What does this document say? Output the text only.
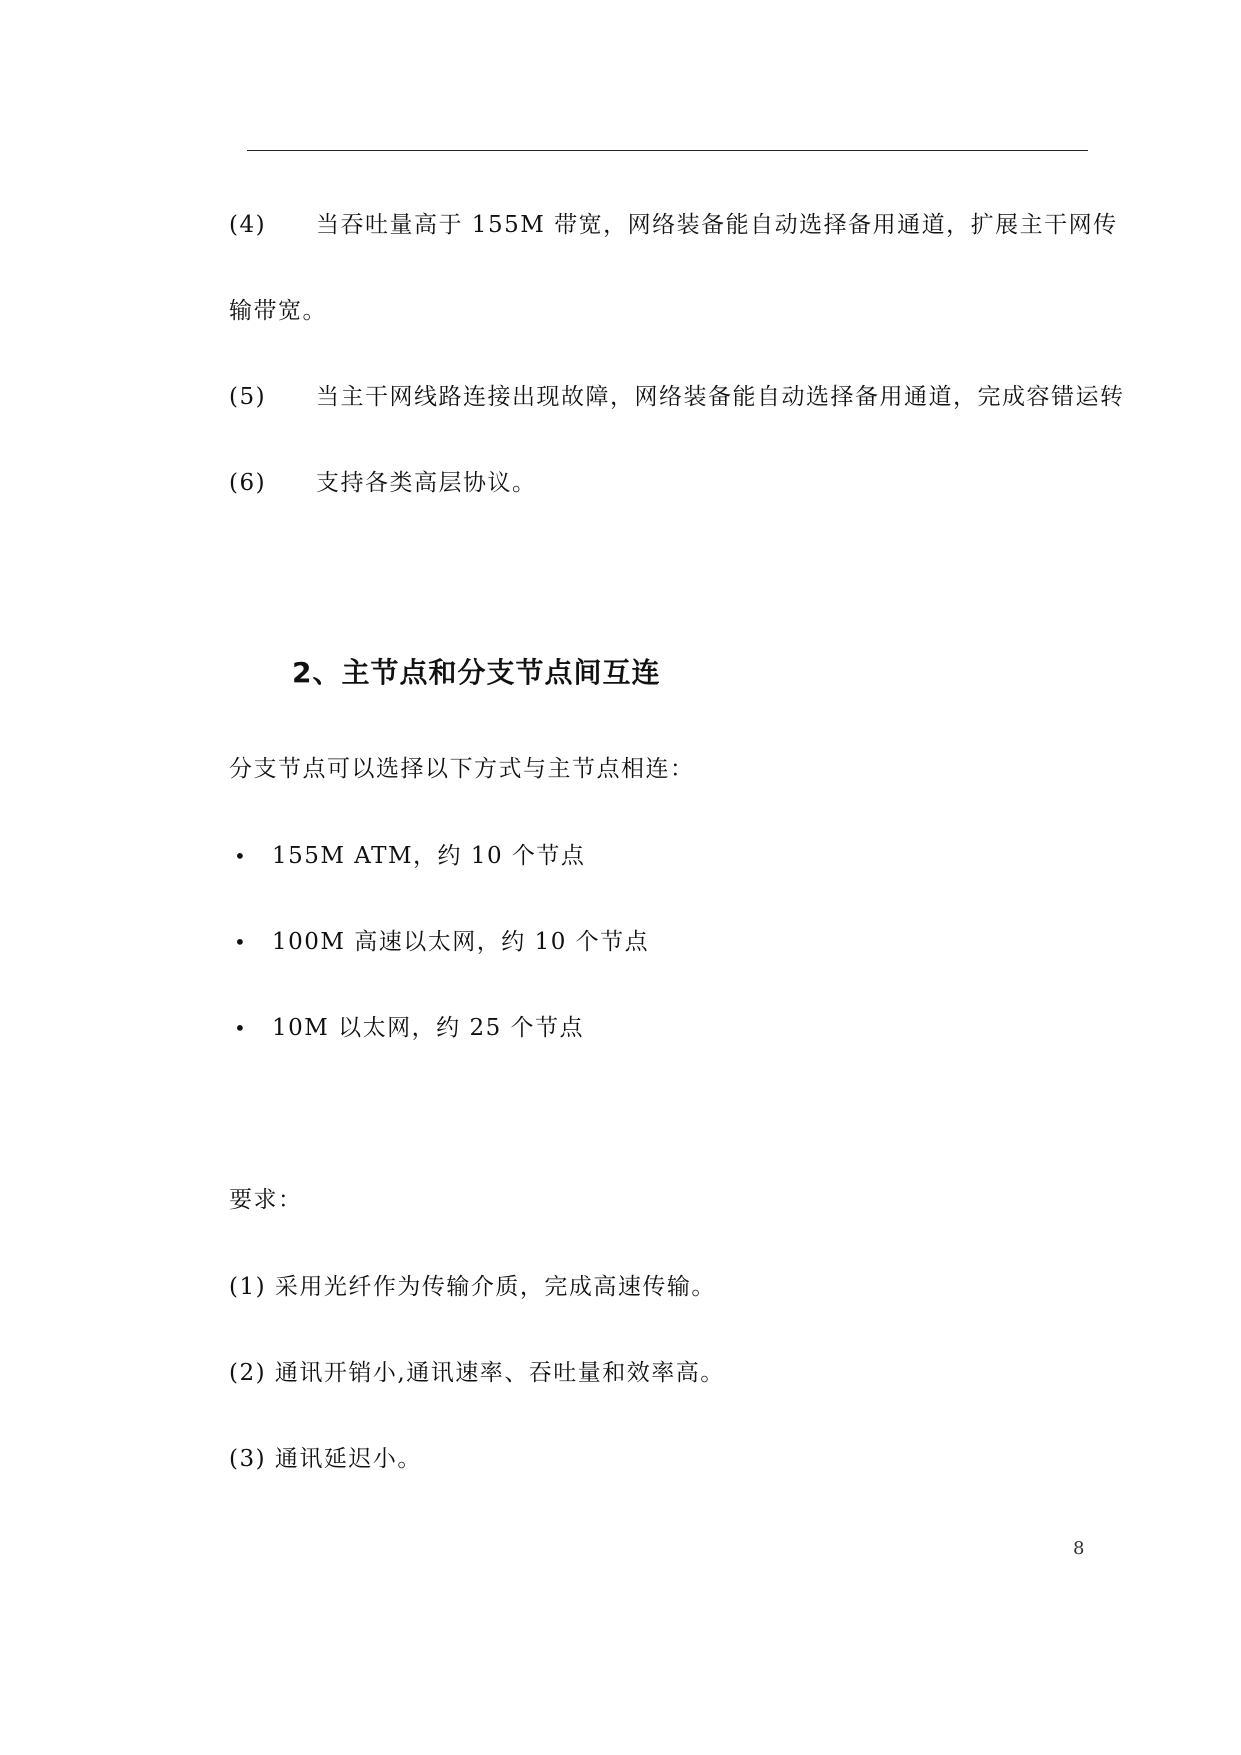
(4) 当吞吐量高于 155M 带宽，网络装备能自动选择备用通道，扩展主干网传
输带宽。
(5) 当主干网线路连接出现故障，网络装备能自动选择备用通道，完成容错运转
(6) 支持各类高层协议。
2、主节点和分支节点间互连
分支节点可以选择以下方式与主节点相连：
• 155M ATM，约 10 个节点
• 100M 高速以太网，约 10 个节点
• 10M 以太网，约 25 个节点
要求：
(1) 采用光纤作为传输介质，完成高速传输。
(2) 通讯开销小,通讯速率、吞吐量和效率高。
(3) 通讯延迟小。
8
